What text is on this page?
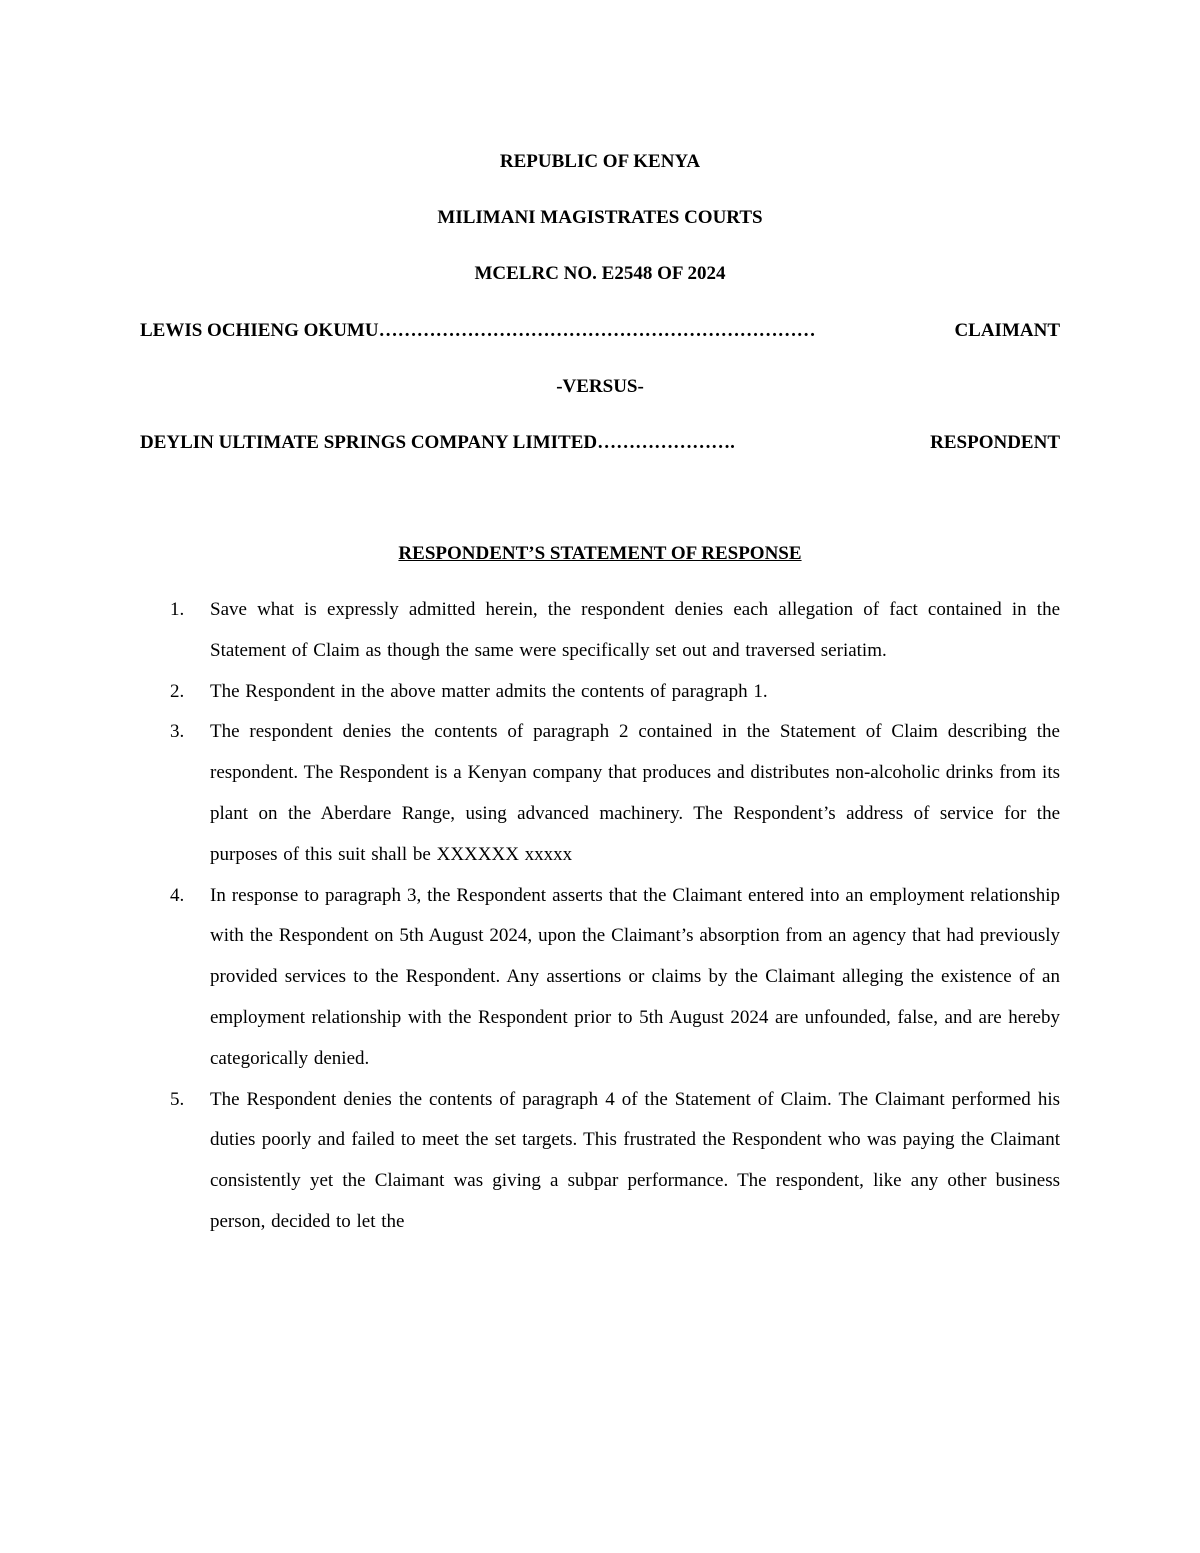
REPUBLIC OF KENYA
MILIMANI MAGISTRATES COURTS
MCELRC NO. E2548 OF 2024
LEWIS OCHIENG OKUMU ……………………………………………………………	CLAIMANT
-VERSUS-
DEYLIN ULTIMATE SPRINGS COMPANY LIMITED ………………….	RESPONDENT
RESPONDENT’S STATEMENT OF RESPONSE
1.	Save what is expressly admitted herein, the respondent denies each allegation of fact contained in the Statement of Claim as though the same were specifically set out and traversed seriatim.
2.	The Respondent in the above matter admits the contents of paragraph 1.
3.	The respondent denies the contents of paragraph 2 contained in the Statement of Claim describing the respondent. The Respondent is a Kenyan company that produces and distributes non-alcoholic drinks from its plant on the Aberdare Range, using advanced machinery. The Respondent’s address of service for the purposes of this suit shall be XXXXXX xxxxx
4.	In response to paragraph 3, the Respondent asserts that the Claimant entered into an employment relationship with the Respondent on 5th August 2024, upon the Claimant’s absorption from an agency that had previously provided services to the Respondent. Any assertions or claims by the Claimant alleging the existence of an employment relationship with the Respondent prior to 5th August 2024 are unfounded, false, and are hereby categorically denied.
5.	The Respondent denies the contents of paragraph 4 of the Statement of Claim. The Claimant performed his duties poorly and failed to meet the set targets. This frustrated the Respondent who was paying the Claimant consistently yet the Claimant was giving a subpar performance. The respondent, like any other business person, decided to let the
